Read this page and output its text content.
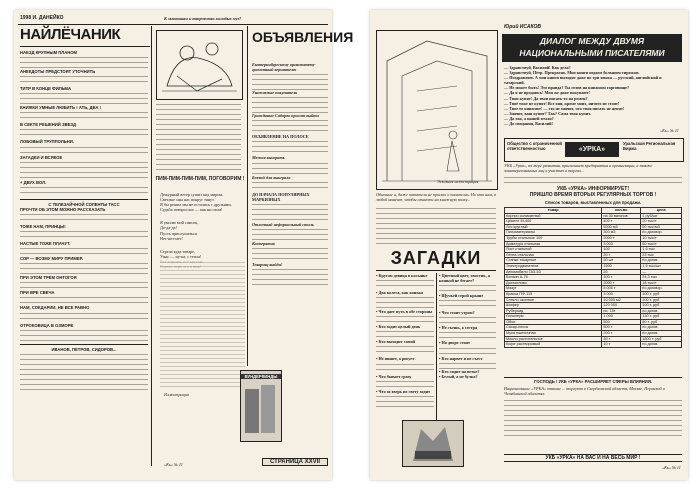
1998 И. ДАНЕЙКО	К экзотикам и творчество молодых муз?
НАЙЛЁЧАНИК
НАЕЗД КРУПНЫМ ПЛАНОМ
АНЕКДОТЫ ПРЕДСТОЯТ УТОЧНИТЬ
ТИТР В КОНЦЕ ФИЛЬМА
КНИЖКИ УМНЫЕ ЛЮБИТЬ ! АТЬ, ДВА !
В СЕКТЕ РЕШЕНИЙ ЗВЕЗД
ЛОБОВЫЙ ТРУППОЛЬНИ.
ЗАГАДКИ И ВСЯКОЕ
+ ДВУХ ВОЛ.
С ТЕЛЕЗАЙЧНОЙ СОЛЕНТЫ ТАСС
ПРОЧТИ ОБ ЭТОМ МОЖНО РАССКАЗАТЬ
ТОЖЕ НАМ, ПРИНЦЫ!
НАСТЫЕ ТОЖЕ ПЛАЧУТ.
СОР — ВОЗМУ МИРУ ПРИМЕР.
ПРИ ЭТОМ ТРЕМ ОНТОГОЯ
ПРИ ВРЕ СВЕЧА
НАМ, СОКДАРИИ, НЕ ВСЕ РАВНО
ОТРОКОВИЦА В ОЗМОРЕ
ИВАНОВ, ПЕТРОВ, СИДОРОВ...
ПИМ-ПИМ-ПИМ-ПИМ, ПОГОВОРИМ !
Дежурный ветер сушит над миром,
Светлые сны нас вокруг тянут.
Я бы решил мы не остались с друзьями,
Судьба повзрослое — как ни отом!
Я умолю мой список,
Да-да-да!
Пусть прислушаться
Нет-нет-нет!
Стрела куда товаре,
Ужас — ну-ка, с тепла!
Иллюстрация
ВУНДЕРКИНДЫ
ОБЪЯВЛЕНИЯ
Екатеринбургскому оргкомитету-грамотный вершителю
Уважаемые покупатели
Гражданин Сидоров просит выйти
ОБЪЯВЛЕНИЕ НА ПОЛОСЕ
Межая выиграть
Боевой для выиграла
ДО НАЧАЛА ПОПУЛЯРНЫХ МАРКИЗНЫХ
Отличный неформальный стиль
Кооператив
Товарищ выйди!
«Кь» № 11	СТРАНИЦА XXVII
Эскизная иллюстрация
Обычные и, даже читатели не просто о писателях. Но кто нам, в любой момент, чтобы отнести на книжную полку...
ЗАГАДКИ
• Кругом девица в косынке
• Два колеса, как конька
• Что дает путь в обе стороны
• Кто ходит целый день
• Кто выходит самой
• Не пишет, а рисует
• Что бывает сразу
• Что за зверь по свету ходит
• Цветный цвет, хвостик, а кошкой не бегает?
• Щучьей серой крыше
• Что стоит утром?
• Не съешь, а сестра
• На дворе стоит
• Кто нарвет и не съест
• Кто сидит на ветке?
• Белый, а не булка?
Юрий ИСАКОВ
ДИАЛОГ МЕЖДУ ДВУМЯ НАЦИОНАЛЬНЫМИ ПИСАТЕЛЯМИ
— Здравствуй, Василий! Как дела?
— Здравствуй, Пётр. Прекрасно. Мои книги издаем большим тиражом.
— Поздравляю. А мои книги выходят даже по три языка — русский, английский и татарский.
— Не может быть! Это правда? Ты готов на книжном торговище?
— Да я не продаюсь! Мои же даже покупают!
— Твои купят! Да твои писать-то на ремен?
— Твоё тоже не купят! Все они, кроме моих, ничего не стоят!
— Твое то книжное! — это не значит, что твоя писать не ценят!
— Значит, ваш купит? Так? Сама твоя купит.
— Да так, а нашей земли?
— До свидания, Василий!
«Кь» № 11
Общество с ограниченной ответственностью	«УРКА»
Уральская Региональная Биржа
УКБ «Урка», по мере развития, приглашает предприятия и организации, а также заинтересованных лиц к участию в торгах...
УКБ «УРКА» ИНФОРМИРУЕТ!
ПРИШЛО ВРЕМЯ ВТОРЫХ РЕГУЛЯРНЫХ ТОРГОВ !
Список товаров, выставленных для продажи.
товар	кол-во	цена
Кирпич силикатный	на 30 вагонов	1 руб/шт
Цемент М-400	400 т	20 тыс/т
Лес круглый	5000 м3	50 тыс/м3
Пиломатериалы	300 м3	по договор.
Трубы стальные 100	2000 т	10 тыс/т
Арматура стальная	3 000	50 тыс/т
Лист стальной	100	1,5 тыс
Лента стальная	20 т	23 тыс
Станки токарные	20 шт	по догов.
Электродвигатели	1500	1,5 тыс/шт
Автомобили ГАЗ-53	20	—
Бензин А-76	100 т	24,3 тыс
Дизтопливо	2000 т	18 тыс/т
Мазут	5 000 т	по договор.
Краска ПФ-115	3 000	100 т. руб
Стекло оконное	10 000 м2	100 т. руб
Шифер	120 000	100 т. руб
Рубероид	по. 15т	по догов.
Линолеум	1 000	130 т. руб
Обои	500	80 т. руб
Сахар-песок	500 т	по догов.
Мука пшеничная	200 т	по догов.
Масло растительное	30 т	1800 т. руб
Кофе растворимый	10 т	по догов.
ГОСПОДЬ ! УКБ «УРКА» РАСШИРЯЕТ СФЕРЫ ВЛИЯНИЯ.
Национальные «УРКА» отныне ... торгуют в Свердловской области, Москве, Пермской и Челябинской областях.
УКБ «УРКА» НА ВАС И НА ВЕСЬ МИР !
«Кь» № 11
